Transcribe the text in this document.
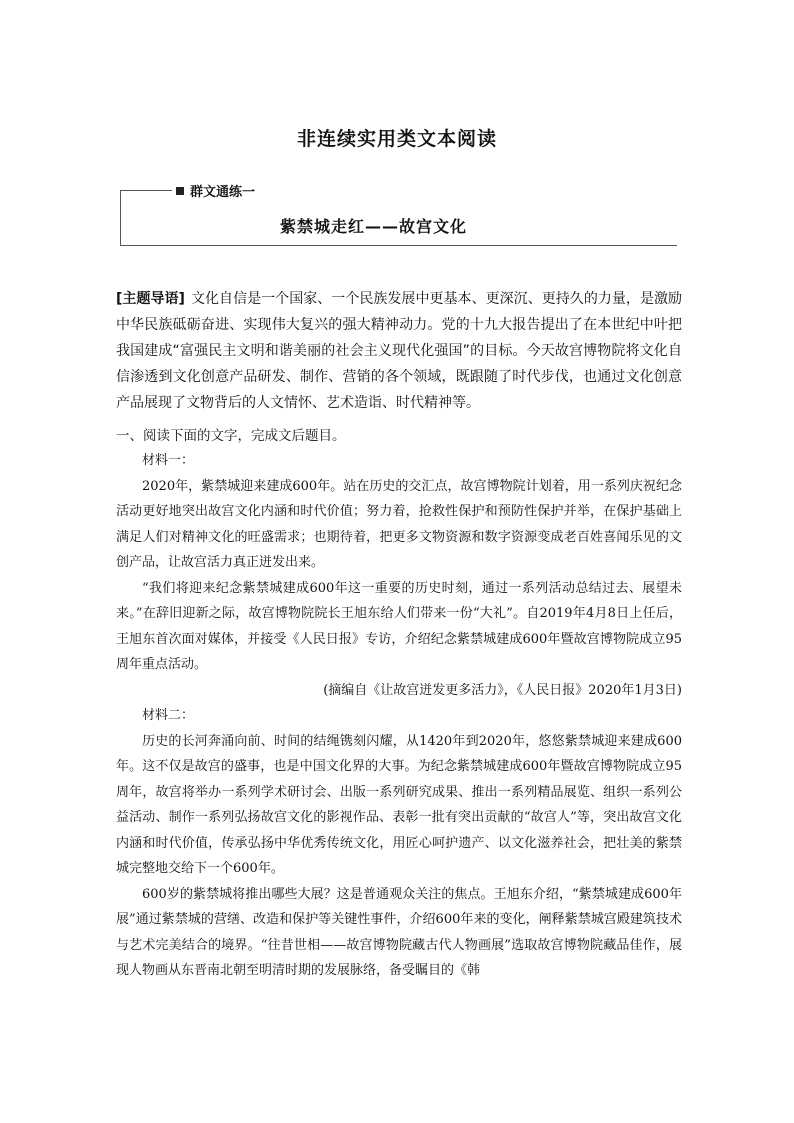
非连续实用类文本阅读
群文通练一
紫禁城走红——故宫文化
[主题导语] 文化自信是一个国家、一个民族发展中更基本、更深沉、更持久的力量，是激励中华民族砥砺奋进、实现伟大复兴的强大精神动力。党的十九大报告提出了在本世纪中叶把我国建成“富强民主文明和谐美丽的社会主义现代化强国”的目标。今天故宫博物院将文化自信渗透到文化创意产品研发、制作、营销的各个领域，既跟随了时代步伐，也通过文化创意产品展现了文物背后的人文情怀、艺术造诣、时代精神等。
一、阅读下面的文字，完成文后题目。

材料一：

2020年，紫禁城迎来建成600年。站在历史的交汇点，故宫博物院计划着，用一系列庆祝纪念活动更好地突出故宫文化内涵和时代价值；努力着，抢救性保护和预防性保护并举，在保护基础上满足人们对精神文化的旺盛需求；也期待着，把更多文物资源和数字资源变成老百姓喜闻乐见的文创产品，让故宫活力真正迸发出来。

“我们将迎来纪念紫禁城建成600年这一重要的历史时刻，通过一系列活动总结过去、展望未来。”在辞旧迎新之际，故宫博物院院长王旭东给人们带来一份“大礼”。自2019年4月8日上任后，王旭东首次面对媒体，并接受《人民日报》专访，介绍纪念紫禁城建成600年暨故宫博物院成立95周年重点活动。

(摘编自《让故宫迸发更多活力》，《人民日报》2020年1月3日)

材料二：

历史的长河奔涌向前、时间的结绳镌刻闪耀，从1420年到2020年，悠悠紫禁城迎来建成600年。这不仅是故宫的盛事，也是中国文化界的大事。为纪念紫禁城建成600年暨故宫博物院成立95周年，故宫将举办一系列学术研讨会、出版一系列研究成果、推出一系列精品展览、组织一系列公益活动、制作一系列弘扬故宫文化的影视作品、表彰一批有突出贡献的“故宫人”等，突出故宫文化内涵和时代价值，传承弘扬中华优秀传统文化，用匠心呵护遗产、以文化滋养社会，把壮美的紫禁城完整地交给下一个600年。

600岁的紫禁城将推出哪些大展？这是普通观众关注的焦点。王旭东介绍，“紫禁城建成600年展”通过紫禁城的营缮、改造和保护等关键性事件，介绍600年来的变化，阐释紫禁城宫殿建筑技术与艺术完美结合的境界。“往昔世相——故宫博物院藏古代人物画展”选取故宫博物院藏品佳作，展现人物画从东晋南北朝至明清时期的发展脉络，备受瞩目的《韩
